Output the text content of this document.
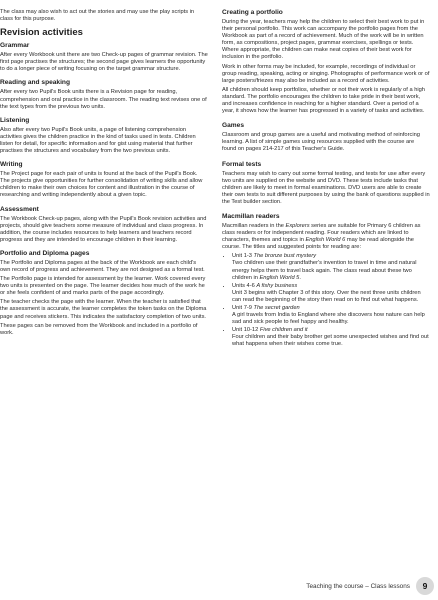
The class may also wish to act out the stories and may use the play scripts in class for this purpose.

Revision activities
Grammar

After every Workbook unit there are two Check-up pages of grammar revision. The first page practises the structures; the second page gives learners the opportunity to do a longer piece of writing focusing on the target grammar structure.

Reading and speaking

After every two Pupil's Book units there is a Revision page for reading, comprehension and oral practice in the classroom. The reading text revises one of the text types from the previous two units.

Listening

Also after every two Pupil's Book units, a page of listening comprehension activities gives the children practice in the kind of tasks used in tests. Children listen for detail, for specific information and for gist using material that further practises the structures and vocabulary from the two previous units.

Writing

The Project page for each pair of units is found at the back of the Pupil's Book. The projects give opportunities for further consolidation of writing skills and allow children to make their own choices for content and illustration in the course of researching and writing independently about a given topic.

Assessment

The Workbook Check-up pages, along with the Pupil's Book revision activities and projects, should give teachers some measure of individual and class progress. In addition, the course includes resources to help learners and teachers record progress and they are intended to encourage children in their learning.

Portfolio and Diploma pages

The Portfolio and Diploma pages at the back of the Workbook are each child's own record of progress and achievement. They are not designed as a formal test.

The Portfolio page is intended for assessment by the learner. Work covered every two units is presented on the page. The learner decides how much of the work he or she feels confident of and marks parts of the page accordingly.

The teacher checks the page with the learner. When the teacher is satisfied that the assessment is accurate, the learner completes the token tasks on the Diploma page and receives stickers. This indicates the satisfactory completion of two units.

These pages can be removed from the Workbook and included in a portfolio of work.

Creating a portfolio

During the year, teachers may help the children to select their best work to put in their personal portfolio. This work can accompany the portfolio pages from the Workbook as part of a record of achievement. Much of the work will be in written form, as compositions, project pages, grammar exercises, spellings or tests. Where appropriate, the children can make neat copies of their best work for inclusion in the portfolio.

Work in other forms may be included, for example, recordings of individual or group reading, speaking, acting or singing. Photographs of performance work or of large posters/friezes may also be included as a record of activities.

All children should keep portfolios, whether or not their work is regularly of a high standard. The portfolio encourages the children to take pride in their best work, and increases confidence in reaching for a higher standard. Over a period of a year, it shows how the learner has progressed in a variety of tasks and activities.

Games

Classroom and group games are a useful and motivating method of reinforcing learning. A list of simple games using resources supplied with the course are found on pages 214-217 of this Teacher's Guide.

Formal tests

Teachers may wish to carry out some formal testing, and tests for use after every two units are supplied on the website and DVD. These tests include tasks that children are likely to meet in formal examinations. DVD users are able to create their own tests to suit different purposes by using the bank of questions supplied in the Test builder section.

Macmillan readers

Macmillan readers in the Explorers series are suitable for Primary 6 children as class readers or for independent reading. Four readers which are linked to characters, themes and topics in English World 6 may be read alongside the course. The titles and suggested points for reading are:

• Unit 1-3 The bronze bust mystery
Two children use their grandfather's invention to travel in time and natural energy helps them to travel back again. The class read about these two children in English World 5.
• Units 4-6 A fishy business
Unit 3 begins with Chapter 3 of this story. Over the next three units children can read the beginning of the story then read on to find out what happens.
• Unit 7-9 The secret garden
A girl travels from India to England where she discovers how nature can help sad and sick people to feel happy and healthy.
• Unit 10-12 Five children and it
Four children and their baby brother get some unexpected wishes and find out what happens when their wishes come true.
Teaching the course – Class lessons	9
